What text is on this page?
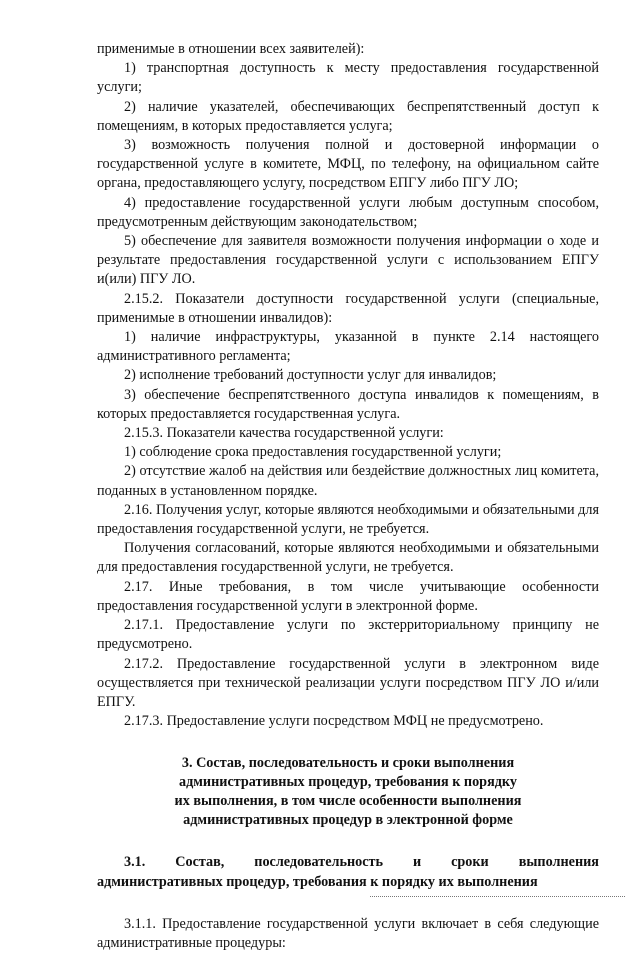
применимые в отношении всех заявителей):

1) транспортная доступность к месту предоставления государственной услуги;

2) наличие указателей, обеспечивающих беспрепятственный доступ к помещениям, в которых предоставляется услуга;

3) возможность получения полной и достоверной информации о государственной услуге в комитете, МФЦ, по телефону, на официальном сайте органа, предоставляющего услугу, посредством ЕПГУ либо ПГУ ЛО;

4) предоставление государственной услуги любым доступным способом, предусмотренным действующим законодательством;

5) обеспечение для заявителя возможности получения информации о ходе и результате предоставления государственной услуги с использованием ЕПГУ и(или) ПГУ ЛО.

2.15.2. Показатели доступности государственной услуги (специальные, применимые в отношении инвалидов):

1) наличие инфраструктуры, указанной в пункте 2.14 настоящего административного регламента;

2) исполнение требований доступности услуг для инвалидов;

3) обеспечение беспрепятственного доступа инвалидов к помещениям, в которых предоставляется государственная услуга.

2.15.3. Показатели качества государственной услуги:

1) соблюдение срока предоставления государственной услуги;

2) отсутствие жалоб на действия или бездействие должностных лиц комитета, поданных в установленном порядке.

2.16. Получения услуг, которые являются необходимыми и обязательными для предоставления государственной услуги, не требуется.

Получения согласований, которые являются необходимыми и обязательными для предоставления государственной услуги, не требуется.

2.17. Иные требования, в том числе учитывающие особенности предоставления государственной услуги в электронной форме.

2.17.1. Предоставление услуги по экстерриториальному принципу не предусмотрено.

2.17.2. Предоставление государственной услуги в электронном виде осуществляется при технической реализации услуги посредством ПГУ ЛО и/или ЕПГУ.

2.17.3. Предоставление услуги посредством МФЦ не предусмотрено.

3. Состав, последовательность и сроки выполнения

административных процедур, требования к порядку

их выполнения, в том числе особенности выполнения

административных процедур в электронной форме

3.1. Состав, последовательность и сроки выполнения
административных процедур, требования к порядку их выполнения

3.1.1. Предоставление государственной услуги включает в себя следующие административные процедуры:
